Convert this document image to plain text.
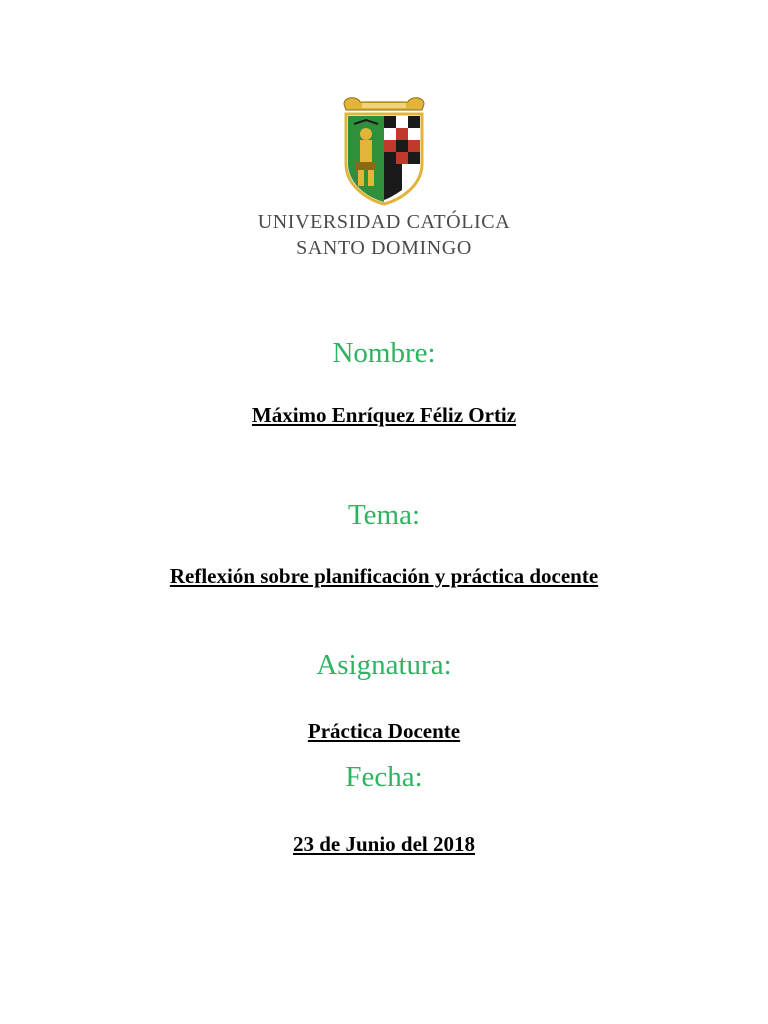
UNIVERSIDAD CATÓLICA
SANTO DOMINGO
Nombre:
Máximo Enríquez Féliz Ortiz
Tema:
Reflexión sobre planificación y práctica docente
Asignatura:
Práctica Docente
Fecha:
23 de Junio del 2018
